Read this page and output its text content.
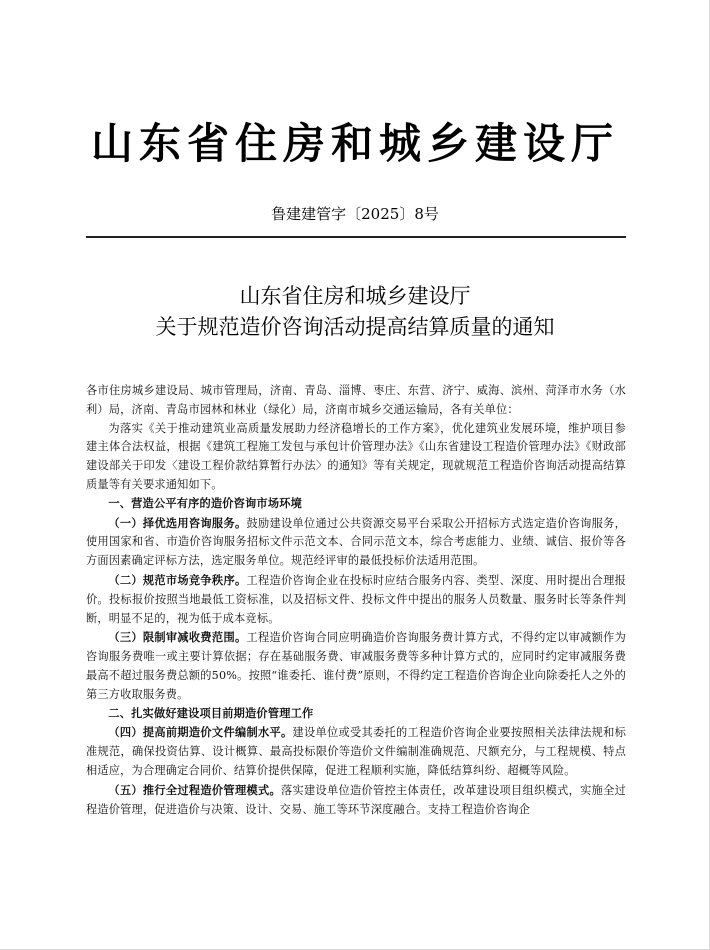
山东省住房和城乡建设厅
鲁建建管字〔2025〕8号
山东省住房和城乡建设厅
关于规范造价咨询活动提高结算质量的通知

各市住房城乡建设局、城市管理局，济南、青岛、淄博、枣庄、东营、济宁、威海、滨州、菏泽市水务（水利）局，济南、青岛市园林和林业（绿化）局，济南市城乡交通运输局，各有关单位：

为落实《关于推动建筑业高质量发展助力经济稳增长的工作方案》，优化建筑业发展环境，维护项目参建主体合法权益，根据《建筑工程施工发包与承包计价管理办法》《山东省建设工程造价管理办法》《财政部 建设部关于印发〈建设工程价款结算暂行办法〉的通知》等有关规定，现就规范工程造价咨询活动提高结算质量等有关要求通知如下。

一、营造公平有序的造价咨询市场环境

（一）择优选用咨询服务。鼓励建设单位通过公共资源交易平台采取公开招标方式选定造价咨询服务，使用国家和省、市造价咨询服务招标文件示范文本、合同示范文本，综合考虑能力、业绩、诚信、报价等各方面因素确定评标方法，选定服务单位。规范经评审的最低投标价法适用范围。

（二）规范市场竞争秩序。工程造价咨询企业在投标时应结合服务内容、类型、深度、用时提出合理报价。投标报价按照当地最低工资标准，以及招标文件、投标文件中提出的服务人员数量、服务时长等条件判断，明显不足的，视为低于成本竞标。

（三）限制审减收费范围。工程造价咨询合同应明确造价咨询服务费计算方式，不得约定以审减额作为咨询服务费唯一或主要计算依据；存在基础服务费、审减服务费等多种计算方式的，应同时约定审减服务费最高不超过服务费总额的50%。按照“谁委托、谁付费”原则，不得约定工程造价咨询企业向除委托人之外的第三方收取服务费。

二、扎实做好建设项目前期造价管理工作

（四）提高前期造价文件编制水平。建设单位或受其委托的工程造价咨询企业要按照相关法律法规和标准规范，确保投资估算、设计概算、最高投标限价等造价文件编制准确规范、尺额充分，与工程规模、特点相适应，为合理确定合同价、结算价提供保障，促进工程顺利实施，降低结算纠纷、超概等风险。

（五）推行全过程造价管理模式。落实建设单位造价管控主体责任，改革建设项目组织模式，实施全过程造价管理，促进造价与决策、设计、交易、施工等环节深度融合。支持工程造价咨询企
